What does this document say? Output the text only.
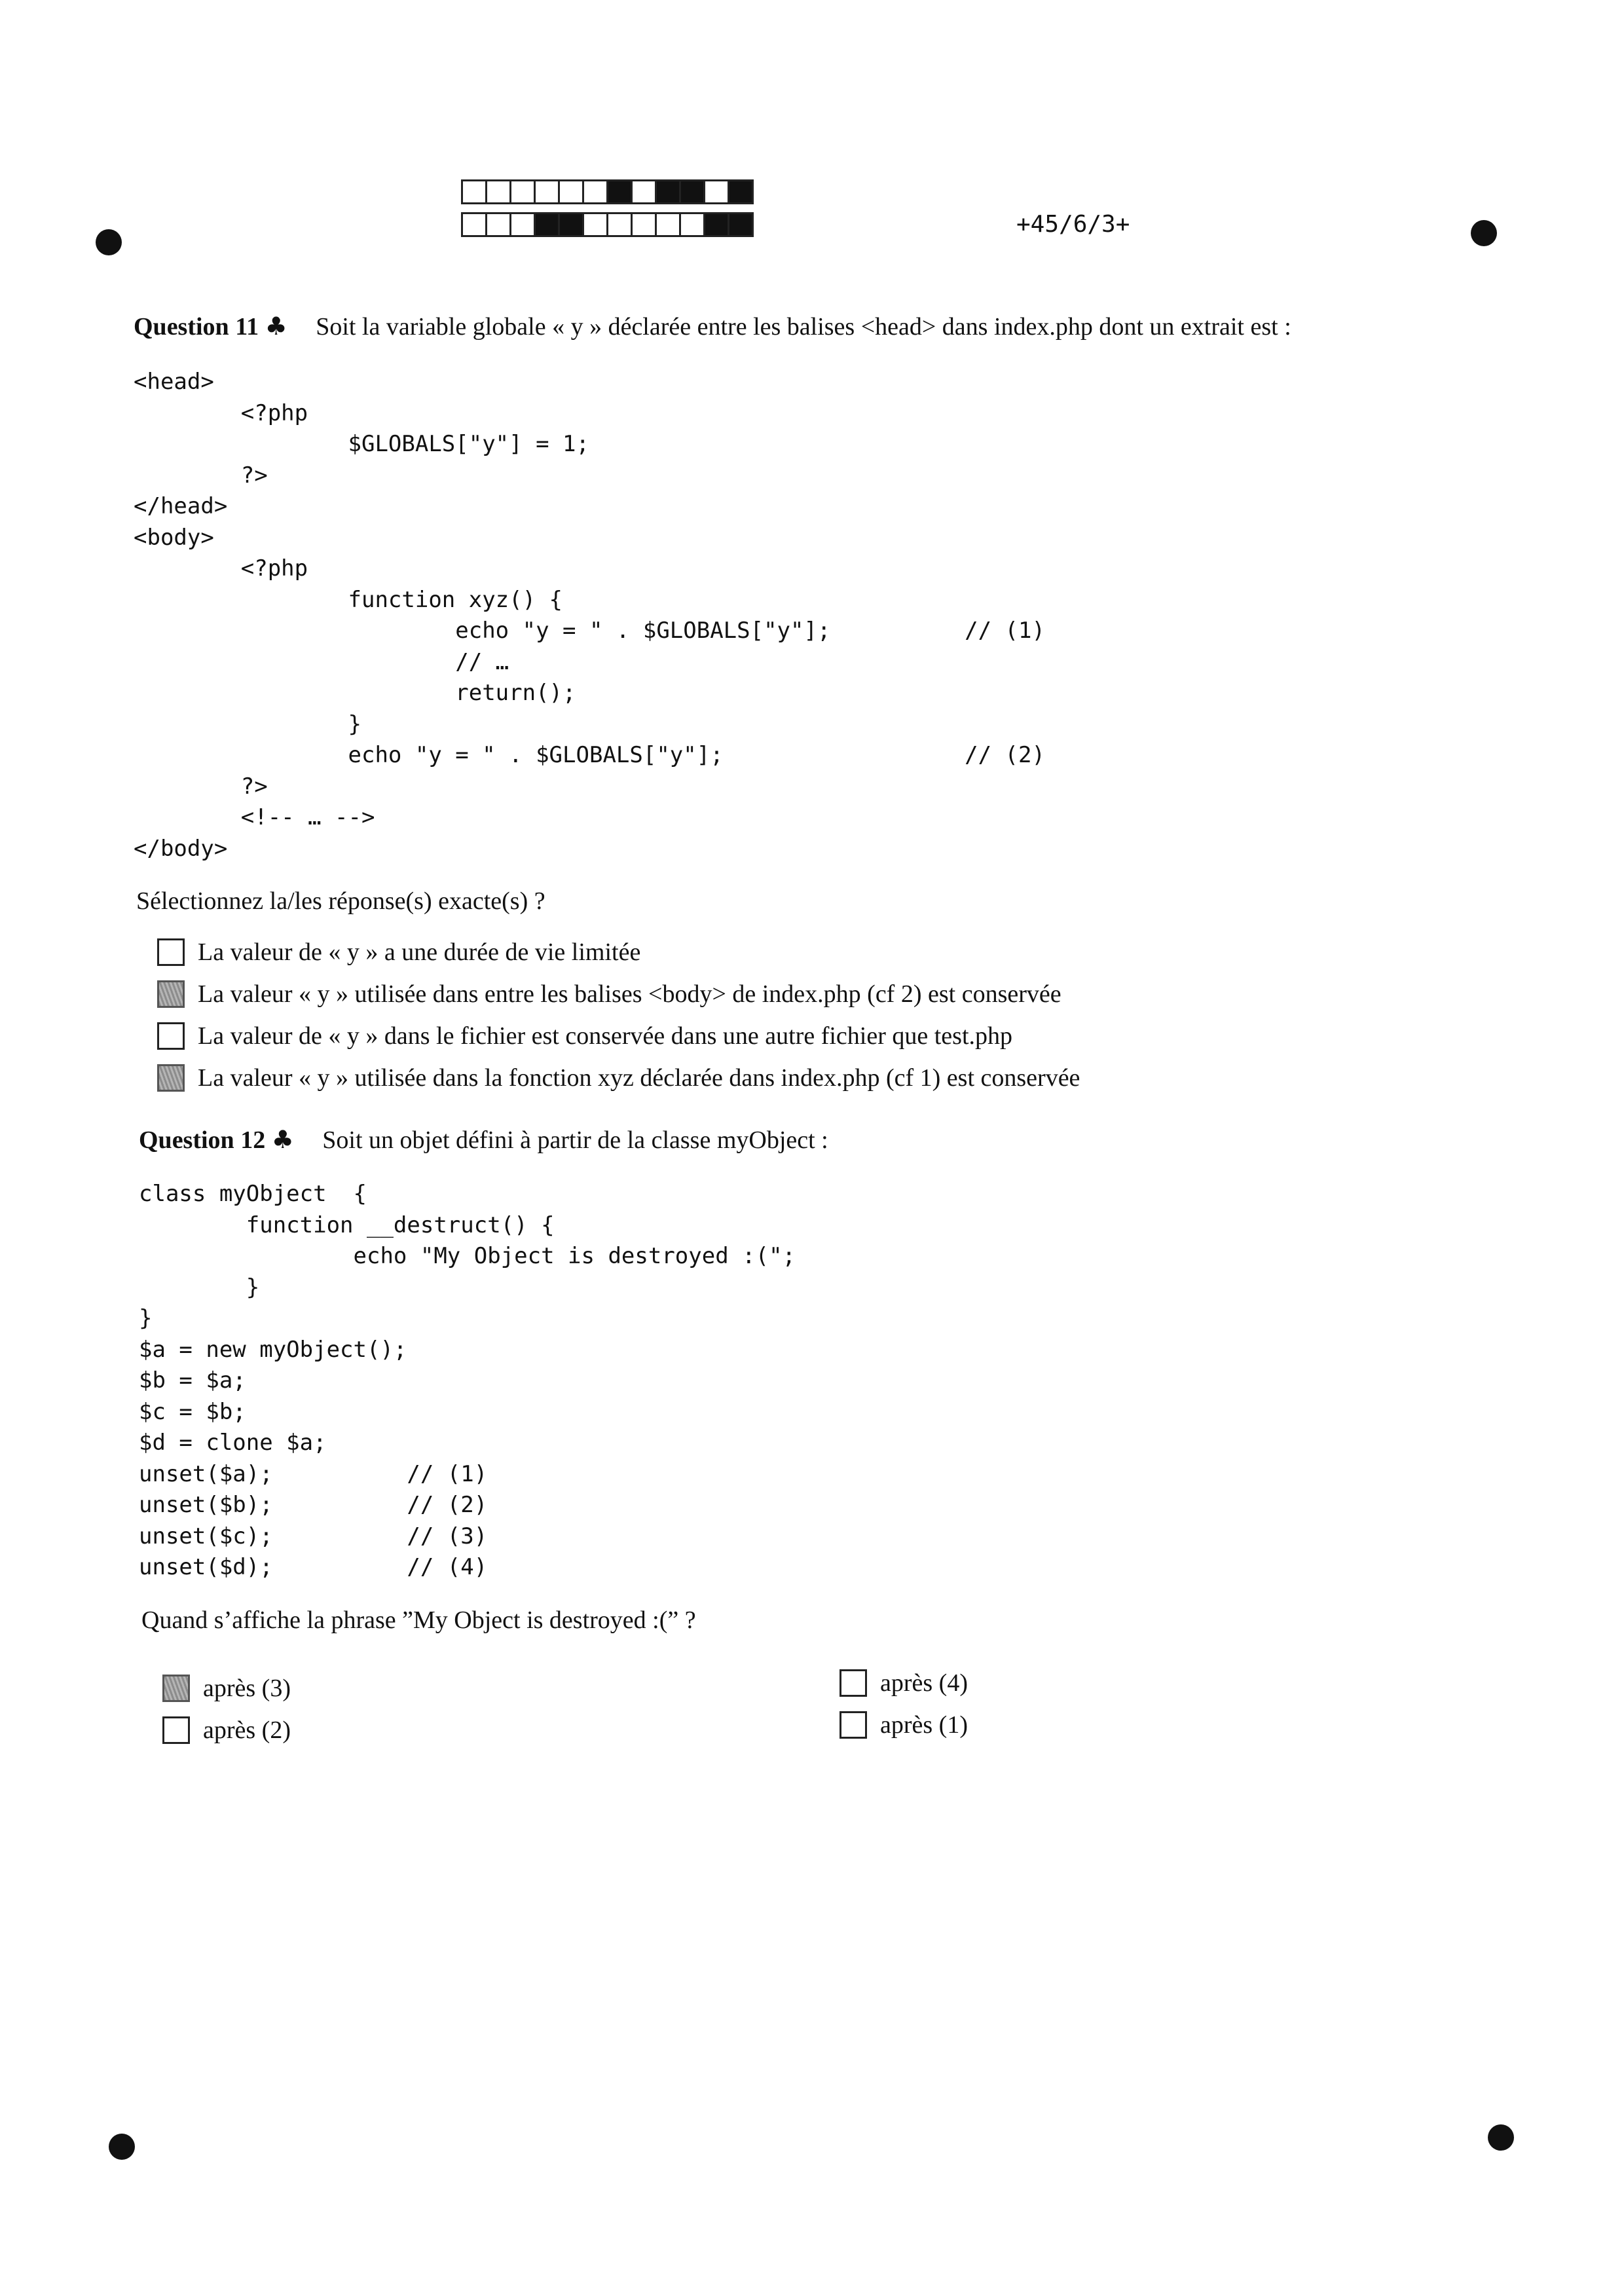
+45/6/3+
Question 11 ♣ Soit la variable globale « y » déclarée entre les balises <head> dans index.php dont un extrait est :
<head>
<?php
$GLOBALS["y"] = 1;
?>
</head>
<body>
<?php
function xyz() {
echo "y = " . $GLOBALS["y"];          // (1)
// …
return();
}
echo "y = " . $GLOBALS["y"];                  // (2)
?>
<!-- … -->
</body>
Sélectionnez la/les réponse(s) exacte(s) ?
La valeur de « y » a une durée de vie limitée
La valeur « y » utilisée dans entre les balises <body> de index.php (cf 2) est conservée
La valeur de « y » dans le fichier est conservée dans une autre fichier que test.php
La valeur « y » utilisée dans la fonction xyz déclarée dans index.php (cf 1) est conservée
Question 12 ♣ Soit un objet défini à partir de la classe myObject :
class myObject  {
function __destruct() {
echo "My Object is destroyed :(";
}
}
$a = new myObject();
$b = $a;
$c = $b;
$d = clone $a;
unset($a);          // (1)
unset($b);          // (2)
unset($c);          // (3)
unset($d);          // (4)
Quand s’affiche la phrase ”My Object is destroyed :(” ?
après (3)
après (2)
après (4)
après (1)
